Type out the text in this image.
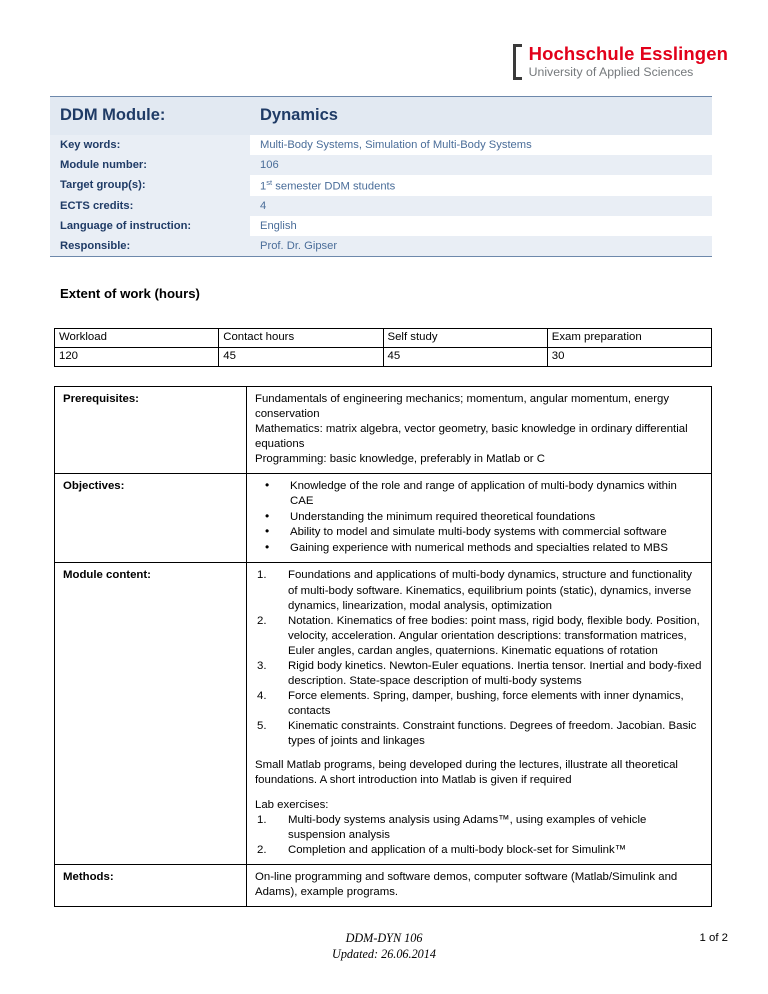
Hochschule Esslingen
University of Applied Sciences
DDM Module:	Dynamics
Key words:	Multi-Body Systems, Simulation of Multi-Body Systems
Module number:	106
Target group(s):	1st semester DDM students
ECTS credits:	4
Language of instruction:	English
Responsible:	Prof. Dr. Gipser
Extent of work (hours)
Workload	Contact hours	Self study	Exam preparation
120	45	45	30
Prerequisites:	Fundamentals of engineering mechanics; momentum, angular momentum, energy conservation

Mathematics: matrix algebra, vector geometry, basic knowledge in ordinary differential equations

Programming: basic knowledge, preferably in Matlab or C

Objectives:	
•Knowledge of the role and range of application of multi-body dynamics within CAE
• Understanding the minimum required theoretical foundations
• Ability to model and simulate multi-body systems with commercial software
• Gaining experience with numerical methods and specialties related to MBS

Module content:	Foundations and applications of multi-body dynamics, structure and functionality of multi-body software. Kinematics, equilibrium points (static), dynamics, inverse dynamics, linearization, modal analysis, optimization
Notation. Kinematics of free bodies: point mass, rigid body, flexible body. Position, velocity, acceleration. Angular orientation descriptions: transformation matrices, Euler angles, cardan angles, quaternions. Kinematic equations of rotation
Rigid body kinetics. Newton-Euler equations. Inertia tensor. Inertial and body-fixed description. State-space description of multi-body systems
Force elements. Spring, damper, bushing, force elements with inner dynamics, contacts
Kinematic constraints. Constraint functions. Degrees of freedom. Jacobian. Basic types of joints and linkages

Small Matlab programs, being developed during the lectures, illustrate all theoretical foundations. A short introduction into Matlab is given if required

Lab exercises:

Multi-body systems analysis using Adams™, using examples of vehicle suspension analysis
Completion and application of a multi-body block-set for Simulink™

Methods:	On-line programming and software demos, computer software (Matlab/Simulink and Adams), example programs.
DDM-DYN 106
Updated: 26.06.2014
1 of 2
